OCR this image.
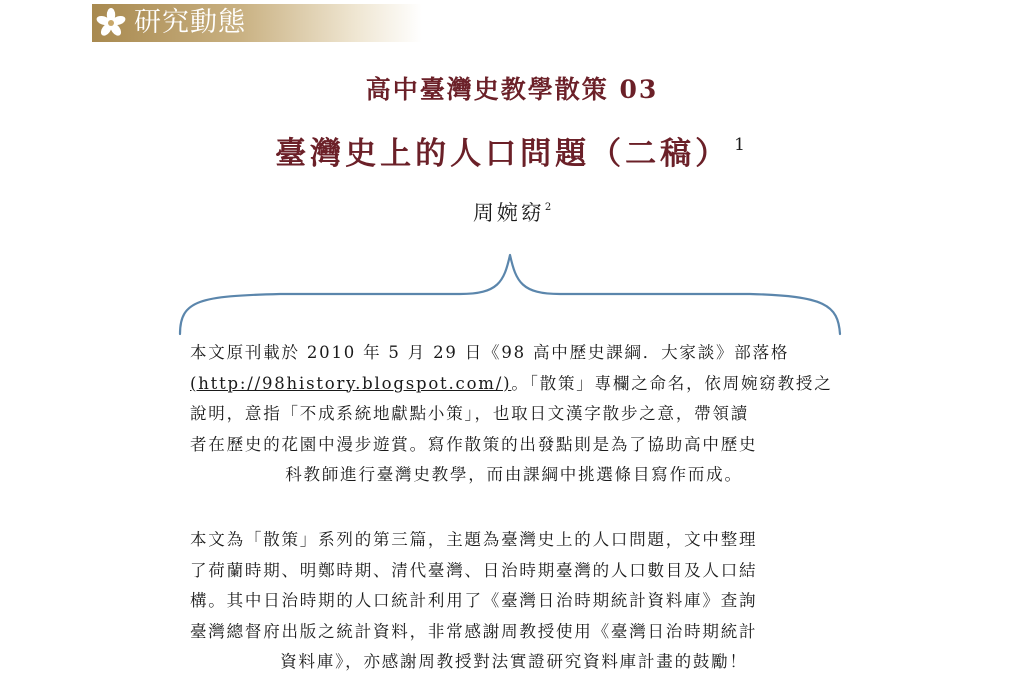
研究動態
高中臺灣史教學散策 03
臺灣史上的人口問題（二稿） $^1$
周婉窈$^2$
本文原刊載於 2010 年 5 月 29 日《98 高中歷史課綱．大家談》部落格
(http://98history.blogspot.com/)。「散策」專欄之命名，依周婉窈教授之
說明，意指「不成系統地獻點小策」，也取日文漢字散步之意，帶領讀
者在歷史的花園中漫步遊賞。寫作散策的出發點則是為了協助高中歷史
科教師進行臺灣史教學，而由課綱中挑選條目寫作而成。
本文為「散策」系列的第三篇，主題為臺灣史上的人口問題，文中整理
了荷蘭時期、明鄭時期、清代臺灣、日治時期臺灣的人口數目及人口結
構。其中日治時期的人口統計利用了《臺灣日治時期統計資料庫》查詢
臺灣總督府出版之統計資料，非常感謝周教授使用《臺灣日治時期統計
資料庫》，亦感謝周教授對法實證研究資料庫計畫的鼓勵！
